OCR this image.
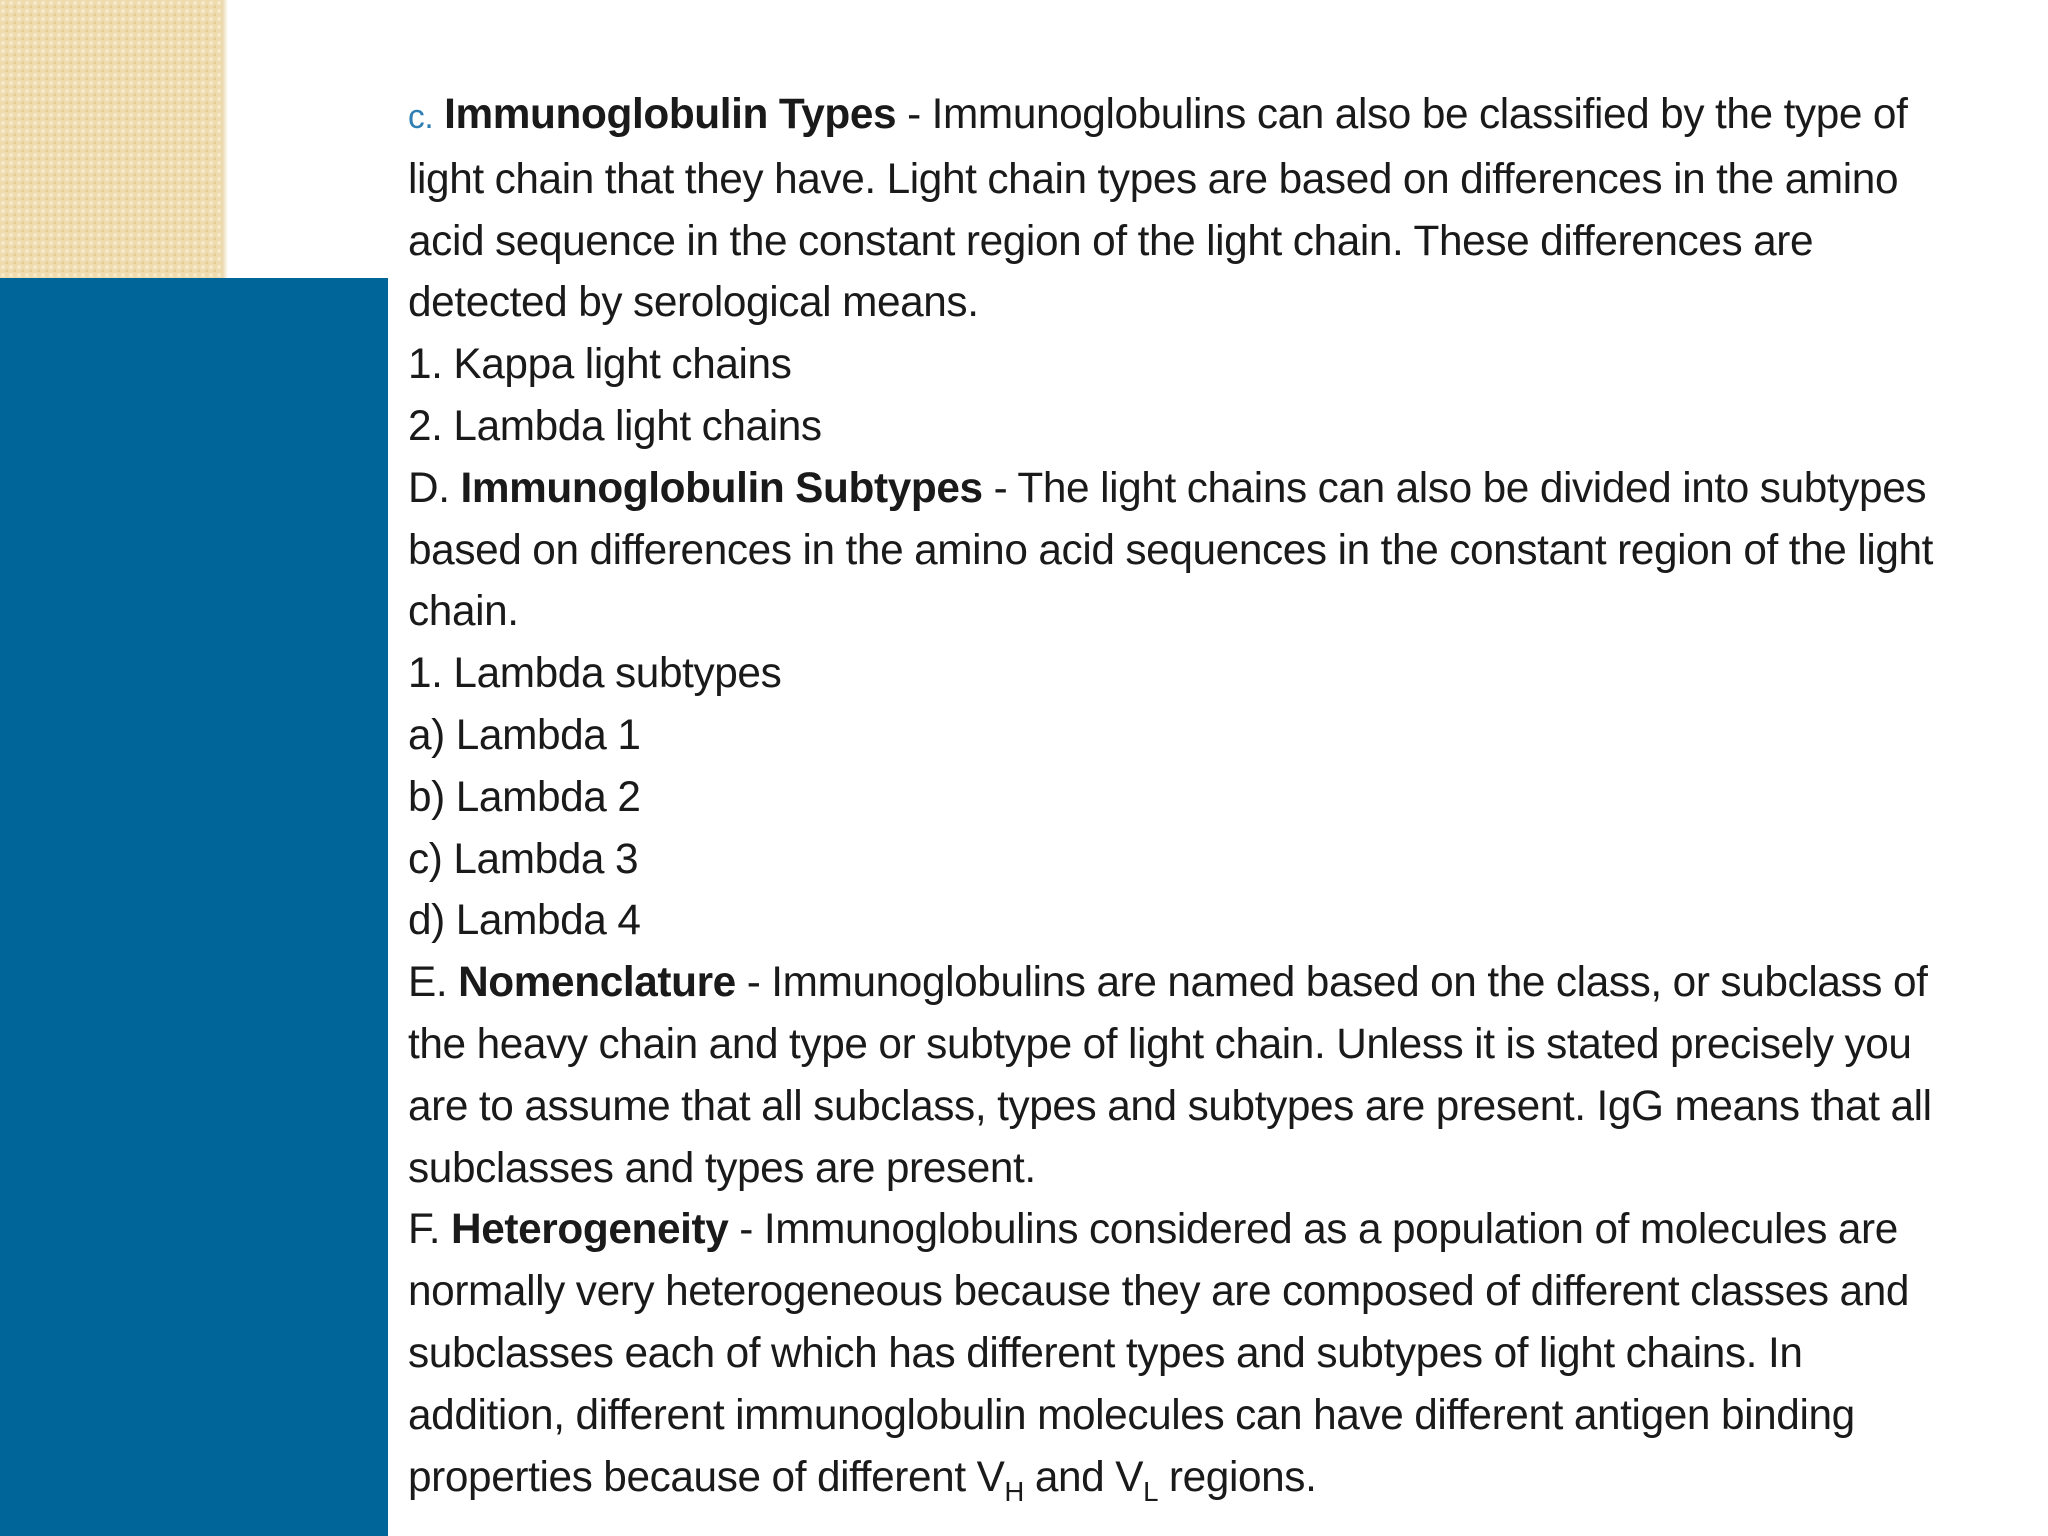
c. Immunoglobulin Types - Immunoglobulins can also be classified by the type of light chain that they have. Light chain types are based on differences in the amino acid sequence in the constant region of the light chain. These differences are detected by serological means.

1. Kappa light chains

2. Lambda light chains

D. Immunoglobulin Subtypes - The light chains can also be divided into subtypes based on differences in the amino acid sequences in the constant region of the light chain.

1. Lambda subtypes

a) Lambda 1

b) Lambda 2

c) Lambda 3

d) Lambda 4

E. Nomenclature - Immunoglobulins are named based on the class, or subclass of the heavy chain and type or subtype of light chain. Unless it is stated precisely you are to assume that all subclass, types and subtypes are present. IgG means that all subclasses and types are present.

F. Heterogeneity - Immunoglobulins considered as a population of molecules are normally very heterogeneous because they are composed of different classes and subclasses each of which has different types and subtypes of light chains. In addition, different immunoglobulin molecules can have different antigen binding properties because of different $V_H$ and $V_L$ regions.
